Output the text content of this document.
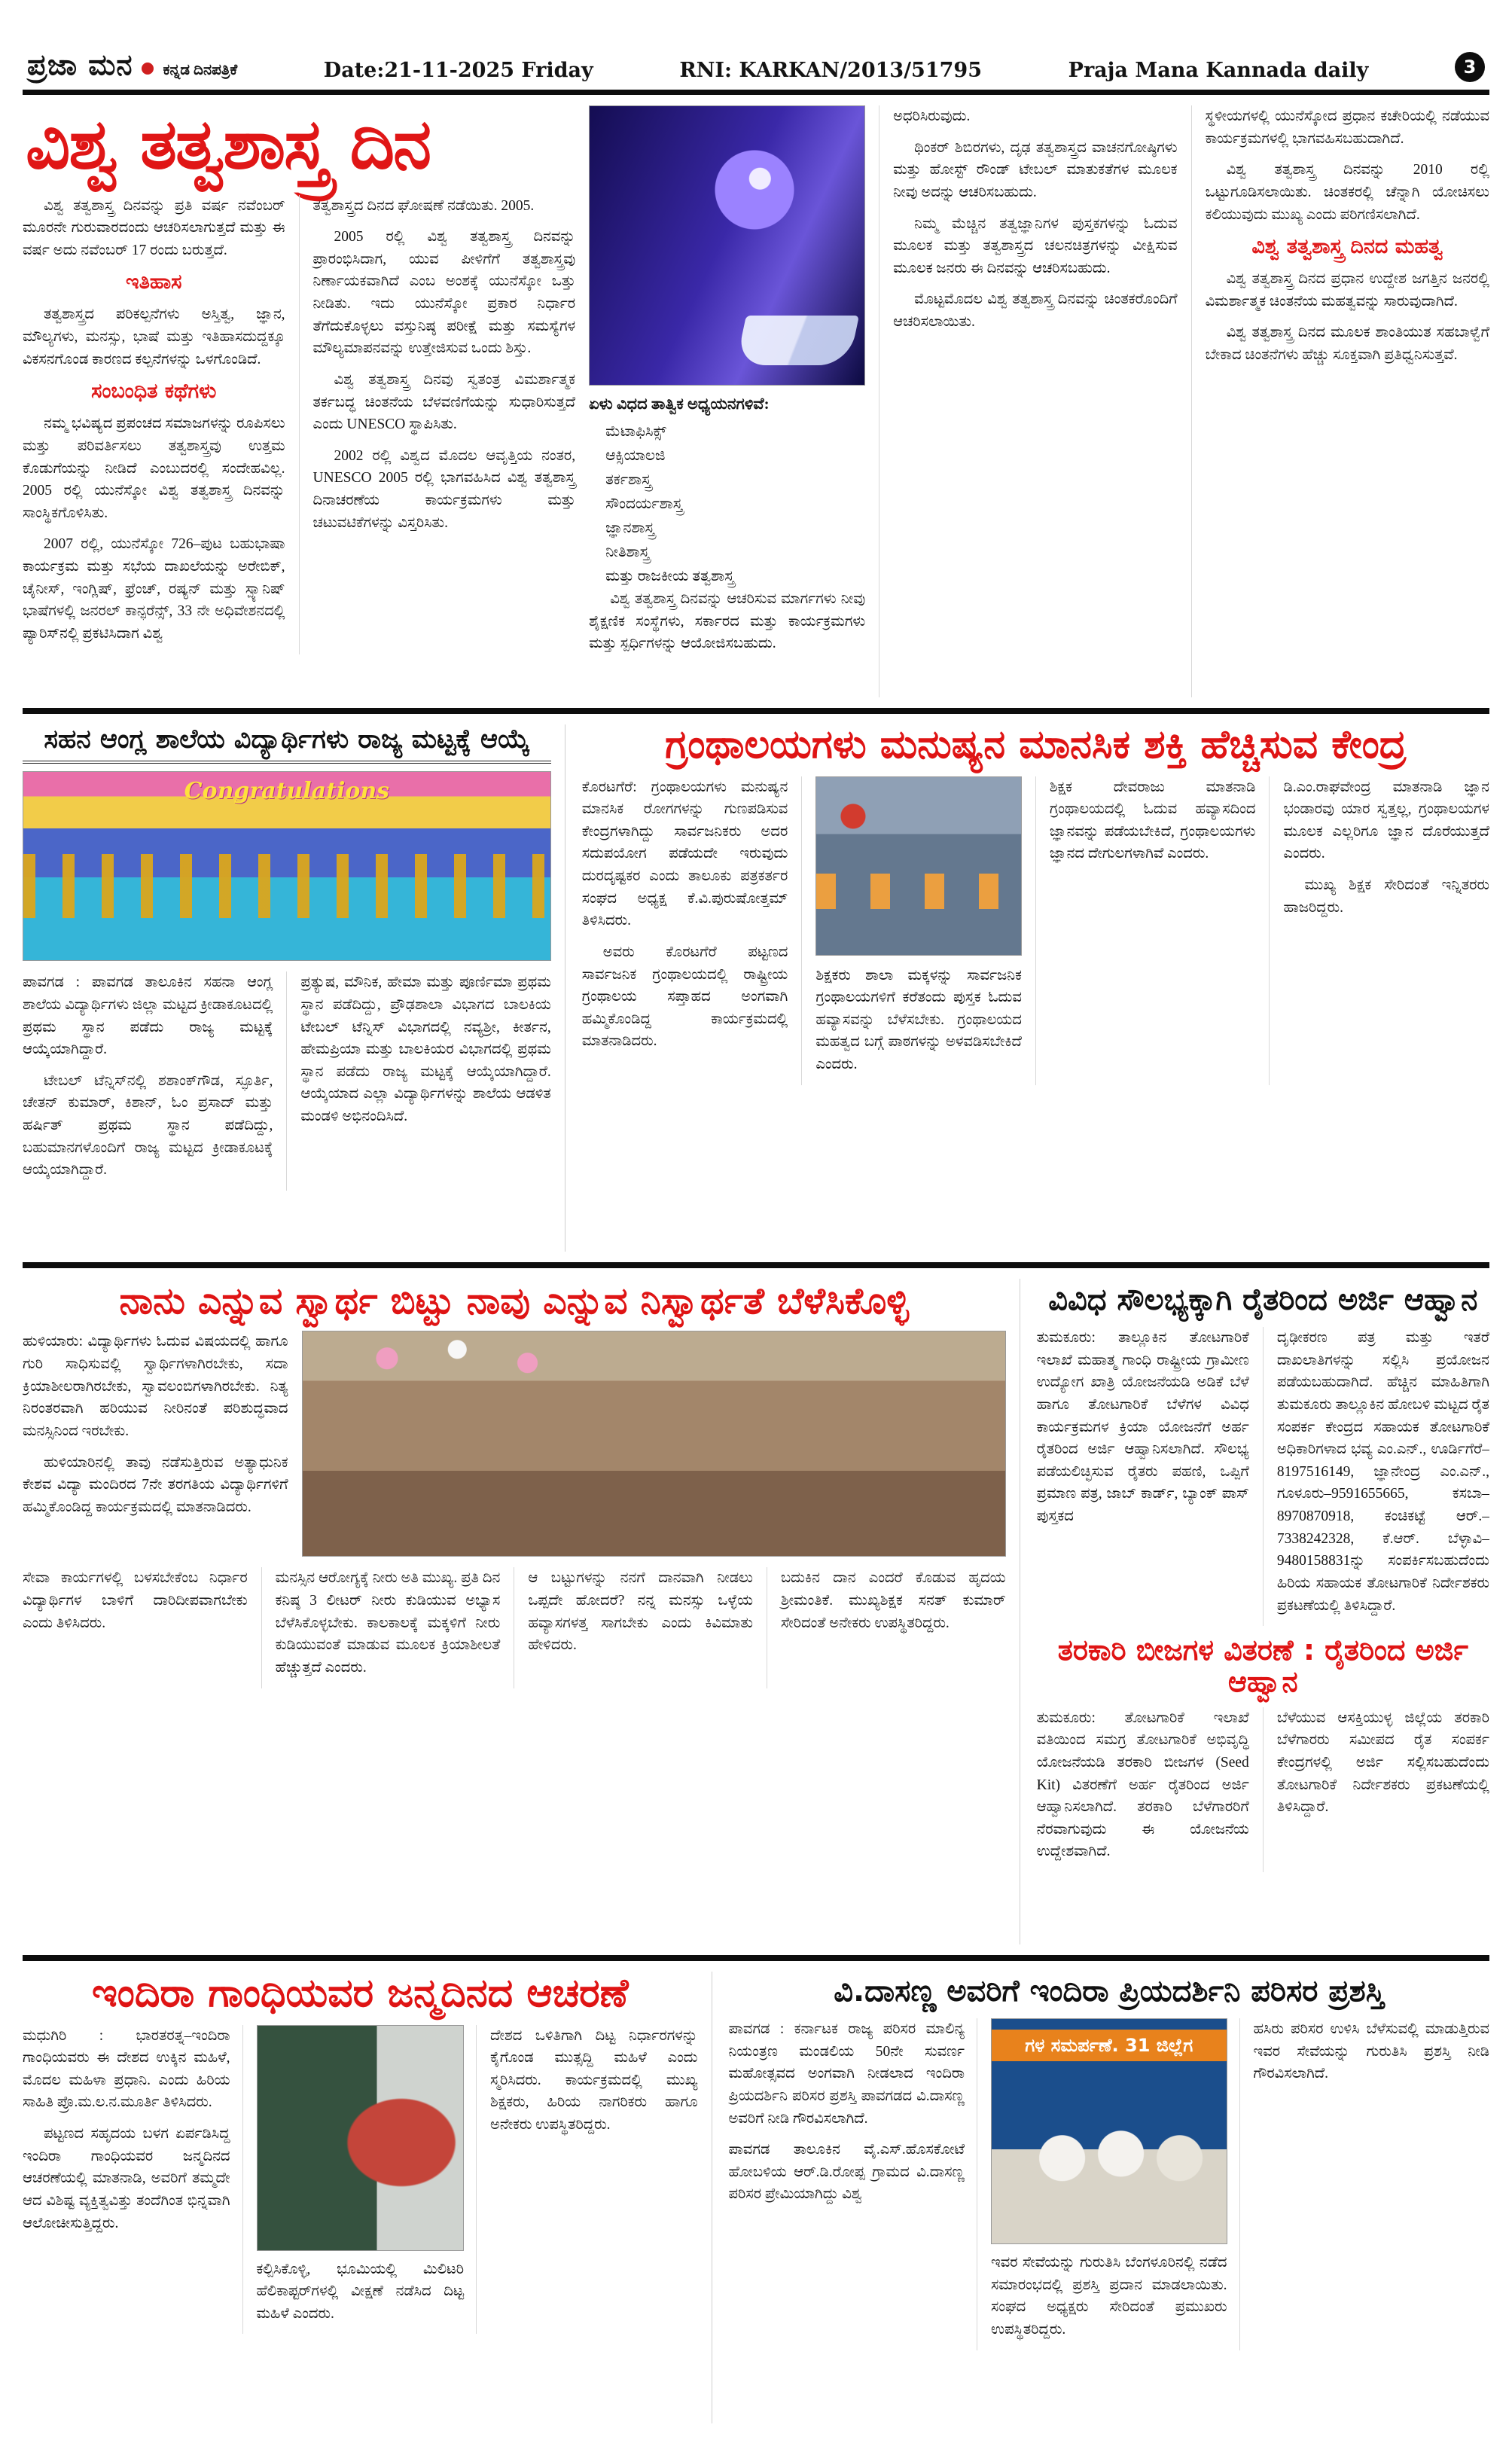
ಪ್ರಜಾ ಮನ ಕನ್ನಡ ದಿನಪತ್ರಿಕೆ	Date:21-11-2025 Friday	RNI: KARKAN/2013/51795	Praja Mana Kannada daily	3
ವಿಶ್ವ ತತ್ವಶಾಸ್ತ್ರ ದಿನ

ವಿಶ್ವ ತತ್ವಶಾಸ್ತ್ರ ದಿನವನ್ನು ಪ್ರತಿ ವರ್ಷ ನವೆಂಬರ್ ಮೂರನೇ ಗುರುವಾರದಂದು ಆಚರಿಸಲಾಗುತ್ತದೆ ಮತ್ತು ಈ ವರ್ಷ ಅದು ನವೆಂಬರ್ 17 ರಂದು ಬರುತ್ತದೆ.

ಇತಿಹಾಸ

ತತ್ವಶಾಸ್ತ್ರದ ಪರಿಕಲ್ಪನೆಗಳು ಅಸ್ತಿತ್ವ, ಜ್ಞಾನ, ಮೌಲ್ಯಗಳು, ಮನಸ್ಸು, ಭಾಷೆ ಮತ್ತು ಇತಿಹಾಸದುದ್ದಕ್ಕೂ ವಿಕಸನಗೊಂಡ ಕಾರಣದ ಕಲ್ಪನೆಗಳನ್ನು ಒಳಗೊಂಡಿದೆ.

ಸಂಬಂಧಿತ ಕಥೆಗಳು

ನಮ್ಮ ಭವಿಷ್ಯದ ಪ್ರಪಂಚದ ಸಮಾಜಗಳನ್ನು ರೂಪಿಸಲು ಮತ್ತು ಪರಿವರ್ತಿಸಲು ತತ್ವಶಾಸ್ತ್ರವು ಉತ್ತಮ ಕೊಡುಗೆಯನ್ನು ನೀಡಿದೆ ಎಂಬುದರಲ್ಲಿ ಸಂದೇಹವಿಲ್ಲ. 2005 ರಲ್ಲಿ ಯುನೆಸ್ಕೋ ವಿಶ್ವ ತತ್ವಶಾಸ್ತ್ರ ದಿನವನ್ನು ಸಾಂಸ್ಥಿಕಗೊಳಿಸಿತು.

2007 ರಲ್ಲಿ, ಯುನೆಸ್ಕೋ 726–ಪುಟ ಬಹುಭಾಷಾ ಕಾರ್ಯಕ್ರಮ ಮತ್ತು ಸಭೆಯ ದಾಖಲೆಯನ್ನು ಅರೇಬಿಕ್, ಚೈನೀಸ್, ಇಂಗ್ಲಿಷ್, ಫ್ರೆಂಚ್, ರಷ್ಯನ್ ಮತ್ತು ಸ್ಪ್ಯಾನಿಷ್ ಭಾಷೆಗಳಲ್ಲಿ ಜನರಲ್ ಕಾನ್ಫರೆನ್ಸ್, 33 ನೇ ಅಧಿವೇಶನದಲ್ಲಿ ಪ್ಯಾರಿಸ್‌ನಲ್ಲಿ ಪ್ರಕಟಿಸಿದಾಗ ವಿಶ್ವ

ತತ್ವಶಾಸ್ತ್ರದ ದಿನದ ಘೋಷಣೆ ನಡೆಯಿತು. 2005.

2005 ರಲ್ಲಿ ವಿಶ್ವ ತತ್ವಶಾಸ್ತ್ರ ದಿನವನ್ನು ಪ್ರಾರಂಭಿಸಿದಾಗ, ಯುವ ಪೀಳಿಗೆಗೆ ತತ್ವಶಾಸ್ತ್ರವು ನಿರ್ಣಾಯಕವಾಗಿದೆ ಎಂಬ ಅಂಶಕ್ಕೆ ಯುನೆಸ್ಕೋ ಒತ್ತು ನೀಡಿತು. ಇದು ಯುನೆಸ್ಕೋ ಪ್ರಕಾರ ನಿರ್ಧಾರ ತೆಗೆದುಕೊಳ್ಳಲು ವಸ್ತುನಿಷ್ಠ ಪರೀಕ್ಷೆ ಮತ್ತು ಸಮಸ್ಯೆಗಳ ಮೌಲ್ಯಮಾಪನವನ್ನು ಉತ್ತೇಜಿಸುವ ಒಂದು ಶಿಸ್ತು.

ವಿಶ್ವ ತತ್ವಶಾಸ್ತ್ರ ದಿನವು ಸ್ವತಂತ್ರ ವಿಮರ್ಶಾತ್ಮಕ ತರ್ಕಬದ್ಧ ಚಿಂತನೆಯ ಬೆಳವಣಿಗೆಯನ್ನು ಸುಧಾರಿಸುತ್ತದೆ ಎಂದು UNESCO ಸ್ಥಾಪಿಸಿತು.

2002 ರಲ್ಲಿ ವಿಶ್ವದ ಮೊದಲ ಆವೃತ್ತಿಯ ನಂತರ, UNESCO 2005 ರಲ್ಲಿ ಭಾಗವಹಿಸಿದ ವಿಶ್ವ ತತ್ವಶಾಸ್ತ್ರ ದಿನಾಚರಣೆಯ ಕಾರ್ಯಕ್ರಮಗಳು ಮತ್ತು ಚಟುವಟಿಕೆಗಳನ್ನು ವಿಸ್ತರಿಸಿತು.

ಏಳು ವಿಧದ ತಾತ್ವಿಕ ಅಧ್ಯಯನಗಳಿವೆ:
ಮೆಟಾಫಿಸಿಕ್ಸ್
ಆಕ್ಸಿಯಾಲಜಿ
ತರ್ಕಶಾಸ್ತ್ರ
ಸೌಂದರ್ಯಶಾಸ್ತ್ರ
ಜ್ಞಾನಶಾಸ್ತ್ರ
ನೀತಿಶಾಸ್ತ್ರ
ಮತ್ತು ರಾಜಕೀಯ ತತ್ವಶಾಸ್ತ್ರ

ವಿಶ್ವ ತತ್ವಶಾಸ್ತ್ರ ದಿನವನ್ನು ಆಚರಿಸುವ ಮಾರ್ಗಗಳು ನೀವು ಶೈಕ್ಷಣಿಕ ಸಂಸ್ಥೆಗಳು, ಸರ್ಕಾರದ ಮತ್ತು ಕಾರ್ಯಕ್ರಮಗಳು ಮತ್ತು ಸ್ಪರ್ಧಿಗಳನ್ನು ಆಯೋಜಿಸಬಹುದು.

ಅಧರಿಸಿರುವುದು.

ಥಿಂಕರ್ ಶಿಬಿರಗಳು, ದೃಢ ತತ್ವಶಾಸ್ತ್ರದ ವಾಚನಗೋಷ್ಠಿಗಳು ಮತ್ತು ಹೋಸ್ಟ್ ರೌಂಡ್ ಟೇಬಲ್ ಮಾತುಕತೆಗಳ ಮೂಲಕ ನೀವು ಅದನ್ನು ಆಚರಿಸಬಹುದು.

ನಿಮ್ಮ ಮೆಚ್ಚಿನ ತತ್ವಜ್ಞಾನಿಗಳ ಪುಸ್ತಕಗಳನ್ನು ಓದುವ ಮೂಲಕ ಮತ್ತು ತತ್ವಶಾಸ್ತ್ರದ ಚಲನಚಿತ್ರಗಳನ್ನು ವೀಕ್ಷಿಸುವ ಮೂಲಕ ಜನರು ಈ ದಿನವನ್ನು ಆಚರಿಸಬಹುದು.

ಮೊಟ್ಟಮೊದಲ ವಿಶ್ವ ತತ್ವಶಾಸ್ತ್ರ ದಿನವನ್ನು ಚಿಂತಕರೊಂದಿಗೆ ಆಚರಿಸಲಾಯಿತು.

ಸ್ಥಳೀಯಗಳಲ್ಲಿ ಯುನೆಸ್ಕೋದ ಪ್ರಧಾನ ಕಚೇರಿಯಲ್ಲಿ ನಡೆಯುವ ಕಾರ್ಯಕ್ರಮಗಳಲ್ಲಿ ಭಾಗವಹಿಸಬಹುದಾಗಿದೆ.

ವಿಶ್ವ ತತ್ವಶಾಸ್ತ್ರ ದಿನವನ್ನು 2010 ರಲ್ಲಿ ಒಟ್ಟುಗೂಡಿಸಲಾಯಿತು. ಚಿಂತಕರಲ್ಲಿ ಚೆನ್ನಾಗಿ ಯೋಚಿಸಲು ಕಲಿಯುವುದು ಮುಖ್ಯ ಎಂದು ಪರಿಗಣಿಸಲಾಗಿದೆ.

ವಿಶ್ವ ತತ್ವಶಾಸ್ತ್ರ ದಿನದ ಮಹತ್ವ

ವಿಶ್ವ ತತ್ವಶಾಸ್ತ್ರ ದಿನದ ಪ್ರಧಾನ ಉದ್ದೇಶ ಜಗತ್ತಿನ ಜನರಲ್ಲಿ ವಿಮರ್ಶಾತ್ಮಕ ಚಿಂತನೆಯ ಮಹತ್ವವನ್ನು ಸಾರುವುದಾಗಿದೆ.

ವಿಶ್ವ ತತ್ವಶಾಸ್ತ್ರ ದಿನದ ಮೂಲಕ ಶಾಂತಿಯುತ ಸಹಬಾಳ್ವೆಗೆ ಬೇಕಾದ ಚಿಂತನೆಗಳು ಹೆಚ್ಚು ಸೂಕ್ತವಾಗಿ ಪ್ರತಿಧ್ವನಿಸುತ್ತವೆ.

ಸಹನ ಆಂಗ್ಲ ಶಾಲೆಯ ವಿದ್ಯಾರ್ಥಿಗಳು ರಾಜ್ಯ ಮಟ್ಟಕ್ಕೆ ಆಯ್ಕೆ
Congratulations

ಪಾವಗಡ : ಪಾವಗಡ ತಾಲೂಕಿನ ಸಹನಾ ಆಂಗ್ಲ ಶಾಲೆಯ ವಿದ್ಯಾರ್ಥಿಗಳು ಜಿಲ್ಲಾ ಮಟ್ಟದ ಕ್ರೀಡಾಕೂಟದಲ್ಲಿ ಪ್ರಥಮ ಸ್ಥಾನ ಪಡೆದು ರಾಜ್ಯ ಮಟ್ಟಕ್ಕೆ ಆಯ್ಕೆಯಾಗಿದ್ದಾರೆ.

ಟೇಬಲ್ ಟೆನ್ನಿಸ್‌ನಲ್ಲಿ ಶಶಾಂಕ್‌ಗೌಡ, ಸ್ಫೂರ್ತಿ, ಚೇತನ್ ಕುಮಾರ್, ಕಿಶಾನ್, ಓಂ ಪ್ರಸಾದ್ ಮತ್ತು ಹರ್ಷಿತ್ ಪ್ರಥಮ ಸ್ಥಾನ ಪಡೆದಿದ್ದು, ಬಹುಮಾನಗಳೊಂದಿಗೆ ರಾಜ್ಯ ಮಟ್ಟದ ಕ್ರೀಡಾಕೂಟಕ್ಕೆ ಆಯ್ಕೆಯಾಗಿದ್ದಾರೆ.

ಪ್ರತ್ಯುಷ, ಮೌನಿಕ, ಹೇಮಾ ಮತ್ತು ಪೂರ್ಣಿಮಾ ಪ್ರಥಮ ಸ್ಥಾನ ಪಡೆದಿದ್ದು, ಪ್ರೌಢಶಾಲಾ ವಿಭಾಗದ ಬಾಲಕಿಯ ಟೇಬಲ್ ಟೆನ್ನಿಸ್ ವಿಭಾಗದಲ್ಲಿ ನವ್ಯಶ್ರೀ, ಕೀರ್ತನ, ಹೇಮಪ್ರಿಯಾ ಮತ್ತು ಬಾಲಕಿಯರ ವಿಭಾಗದಲ್ಲಿ ಪ್ರಥಮ ಸ್ಥಾನ ಪಡೆದು ರಾಜ್ಯ ಮಟ್ಟಕ್ಕೆ ಆಯ್ಕೆಯಾಗಿದ್ದಾರೆ. ಆಯ್ಕೆಯಾದ ಎಲ್ಲಾ ವಿದ್ಯಾರ್ಥಿಗಳನ್ನು ಶಾಲೆಯ ಆಡಳಿತ ಮಂಡಳಿ ಅಭಿನಂದಿಸಿದೆ.

ಗ್ರಂಥಾಲಯಗಳು ಮನುಷ್ಯನ ಮಾನಸಿಕ ಶಕ್ತಿ ಹೆಚ್ಚಿಸುವ ಕೇಂದ್ರ

ಕೊರಟಗೆರೆ: ಗ್ರಂಥಾಲಯಗಳು ಮನುಷ್ಯನ ಮಾನಸಿಕ ರೋಗಗಳನ್ನು ಗುಣಪಡಿಸುವ ಕೇಂದ್ರಗಳಾಗಿದ್ದು ಸಾರ್ವಜನಿಕರು ಅದರ ಸದುಪಯೋಗ ಪಡೆಯದೇ ಇರುವುದು ದುರದೃಷ್ಟಕರ ಎಂದು ತಾಲೂಕು ಪತ್ರಕರ್ತರ ಸಂಘದ ಅಧ್ಯಕ್ಷ ಕೆ.ವಿ.ಪುರುಷೋತ್ತಮ್ ತಿಳಿಸಿದರು.

ಅವರು ಕೊರಟಗೆರೆ ಪಟ್ಟಣದ ಸಾರ್ವಜನಿಕ ಗ್ರಂಥಾಲಯದಲ್ಲಿ ರಾಷ್ಟ್ರೀಯ ಗ್ರಂಥಾಲಯ ಸಪ್ತಾಹದ ಅಂಗವಾಗಿ ಹಮ್ಮಿಕೊಂಡಿದ್ದ ಕಾರ್ಯಕ್ರಮದಲ್ಲಿ ಮಾತನಾಡಿದರು.

ಶಿಕ್ಷಕರು ಶಾಲಾ ಮಕ್ಕಳನ್ನು ಸಾರ್ವಜನಿಕ ಗ್ರಂಥಾಲಯಗಳಿಗೆ ಕರೆತಂದು ಪುಸ್ತಕ ಓದುವ ಹವ್ಯಾಸವನ್ನು ಬೆಳೆಸಬೇಕು. ಗ್ರಂಥಾಲಯದ ಮಹತ್ವದ ಬಗ್ಗೆ ಪಾಠಗಳನ್ನು ಅಳವಡಿಸಬೇಕಿದೆ ಎಂದರು.

ಶಿಕ್ಷಕ ದೇವರಾಜು ಮಾತನಾಡಿ ಗ್ರಂಥಾಲಯದಲ್ಲಿ ಓದುವ ಹವ್ಯಾಸದಿಂದ ಜ್ಞಾನವನ್ನು ಪಡೆಯಬೇಕಿದೆ, ಗ್ರಂಥಾಲಯಗಳು ಜ್ಞಾನದ ದೇಗುಲಗಳಾಗಿವೆ ಎಂದರು.

ಡಿ.ಎಂ.ರಾಘವೇಂದ್ರ ಮಾತನಾಡಿ ಜ್ಞಾನ ಭಂಡಾರವು ಯಾರ ಸ್ವತ್ತಲ್ಲ, ಗ್ರಂಥಾಲಯಗಳ ಮೂಲಕ ಎಲ್ಲರಿಗೂ ಜ್ಞಾನ ದೊರೆಯುತ್ತದೆ ಎಂದರು.

ಮುಖ್ಯ ಶಿಕ್ಷಕ ಸೇರಿದಂತೆ ಇನ್ನಿತರರು ಹಾಜರಿದ್ದರು.

ನಾನು ಎನ್ನುವ ಸ್ವಾರ್ಥ ಬಿಟ್ಟು ನಾವು ಎನ್ನುವ ನಿಸ್ವಾರ್ಥತೆ ಬೆಳೆಸಿಕೊಳ್ಳಿ

ಹುಳಿಯಾರು: ವಿದ್ಯಾರ್ಥಿಗಳು ಓದುವ ವಿಷಯದಲ್ಲಿ ಹಾಗೂ ಗುರಿ ಸಾಧಿಸುವಲ್ಲಿ ಸ್ವಾರ್ಥಿಗಳಾಗಿರಬೇಕು, ಸದಾ ಕ್ರಿಯಾಶೀಲರಾಗಿರಬೇಕು, ಸ್ವಾವಲಂಬಿಗಳಾಗಿರಬೇಕು. ನಿತ್ಯ ನಿರಂತರವಾಗಿ ಹರಿಯುವ ನೀರಿನಂತೆ ಪರಿಶುದ್ಧವಾದ ಮನಸ್ಸಿನಿಂದ ಇರಬೇಕು.

ಹುಳಿಯಾರಿನಲ್ಲಿ ತಾವು ನಡೆಸುತ್ತಿರುವ ಅತ್ಯಾಧುನಿಕ ಕೇಶವ ವಿದ್ಯಾ ಮಂದಿರದ 7ನೇ ತರಗತಿಯ ವಿದ್ಯಾರ್ಥಿಗಳಿಗೆ ಹಮ್ಮಿಕೊಂಡಿದ್ದ ಕಾರ್ಯಕ್ರಮದಲ್ಲಿ ಮಾತನಾಡಿದರು.

ಸೇವಾ ಕಾರ್ಯಗಳಲ್ಲಿ ಬಳಸಬೇಕೆಂಬ ನಿರ್ಧಾರ ವಿದ್ಯಾರ್ಥಿಗಳ ಬಾಳಿಗೆ ದಾರಿದೀಪವಾಗಬೇಕು ಎಂದು ತಿಳಿಸಿದರು.

ಮನಸ್ಸಿನ ಆರೋಗ್ಯಕ್ಕೆ ನೀರು ಅತಿ ಮುಖ್ಯ. ಪ್ರತಿ ದಿನ ಕನಿಷ್ಠ 3 ಲೀಟರ್ ನೀರು ಕುಡಿಯುವ ಅಭ್ಯಾಸ ಬೆಳೆಸಿಕೊಳ್ಳಬೇಕು. ಕಾಲಕಾಲಕ್ಕೆ ಮಕ್ಕಳಿಗೆ ನೀರು ಕುಡಿಯುವಂತೆ ಮಾಡುವ ಮೂಲಕ ಕ್ರಿಯಾಶೀಲತೆ ಹೆಚ್ಚುತ್ತದೆ ಎಂದರು.

ಆ ಬಟ್ಟುಗಳನ್ನು ನನಗೆ ದಾನವಾಗಿ ನೀಡಲು ಒಪ್ಪದೇ ಹೋದರೆ? ನನ್ನ ಮನಸ್ಸು ಒಳ್ಳೆಯ ಹವ್ಯಾಸಗಳತ್ತ ಸಾಗಬೇಕು ಎಂದು ಕಿವಿಮಾತು ಹೇಳಿದರು.

ಬದುಕಿನ ದಾನ ಎಂದರೆ ಕೊಡುವ ಹೃದಯ ಶ್ರೀಮಂತಿಕೆ. ಮುಖ್ಯಶಿಕ್ಷಕ ಸನತ್ ಕುಮಾರ್ ಸೇರಿದಂತೆ ಅನೇಕರು ಉಪಸ್ಥಿತರಿದ್ದರು.

ವಿವಿಧ ಸೌಲಭ್ಯಕ್ಕಾಗಿ ರೈತರಿಂದ ಅರ್ಜಿ ಆಹ್ವಾನ

ತುಮಕೂರು: ತಾಲ್ಲೂಕಿನ ತೋಟಗಾರಿಕೆ ಇಲಾಖೆ ಮಹಾತ್ಮ ಗಾಂಧಿ ರಾಷ್ಟ್ರೀಯ ಗ್ರಾಮೀಣ ಉದ್ಯೋಗ ಖಾತ್ರಿ ಯೋಜನೆಯಡಿ ಅಡಿಕೆ ಬೆಳೆ ಹಾಗೂ ತೋಟಗಾರಿಕೆ ಬೆಳೆಗಳ ವಿವಿಧ ಕಾರ್ಯಕ್ರಮಗಳ ಕ್ರಿಯಾ ಯೋಜನೆಗೆ ಅರ್ಹ ರೈತರಿಂದ ಅರ್ಜಿ ಆಹ್ವಾನಿಸಲಾಗಿದೆ. ಸೌಲಭ್ಯ ಪಡೆಯಲಿಚ್ಛಿಸುವ ರೈತರು ಪಹಣಿ, ಒಪ್ಪಿಗೆ ಪ್ರಮಾಣ ಪತ್ರ, ಜಾಬ್ ಕಾರ್ಡ್, ಬ್ಯಾಂಕ್ ಪಾಸ್ ಪುಸ್ತಕದ

ದೃಢೀಕರಣ ಪತ್ರ ಮತ್ತು ಇತರೆ ದಾಖಲಾತಿಗಳನ್ನು ಸಲ್ಲಿಸಿ ಪ್ರಯೋಜನ ಪಡೆಯಬಹುದಾಗಿದೆ. ಹೆಚ್ಚಿನ ಮಾಹಿತಿಗಾಗಿ ತುಮಕೂರು ತಾಲ್ಲೂಕಿನ ಹೋಬಳಿ ಮಟ್ಟದ ರೈತ ಸಂಪರ್ಕ ಕೇಂದ್ರದ ಸಹಾಯಕ ತೋಟಗಾರಿಕೆ ಅಧಿಕಾರಿಗಳಾದ ಭವ್ಯ ಎಂ.ಎನ್., ಊರ್ಡಿಗೆರೆ–8197516149, ಜ್ಞಾನೇಂದ್ರ ಎಂ.ಎನ್., ಗೂಳೂರು–9591655665, ಕಸಬಾ–8970870918, ಕಂಚಿಕಟ್ಟೆ ಆರ್.–7338242328, ಕೆ.ಆರ್. ಬೆಳ್ಳಾವಿ–9480158831ನ್ನು ಸಂಪರ್ಕಿಸಬಹುದೆಂದು ಹಿರಿಯ ಸಹಾಯಕ ತೋಟಗಾರಿಕೆ ನಿರ್ದೇಶಕರು ಪ್ರಕಟಣೆಯಲ್ಲಿ ತಿಳಿಸಿದ್ದಾರೆ.

ತರಕಾರಿ ಬೀಜಗಳ ವಿತರಣೆ : ರೈತರಿಂದ ಅರ್ಜಿ ಆಹ್ವಾನ

ತುಮಕೂರು: ತೋಟಗಾರಿಕೆ ಇಲಾಖೆ ವತಿಯಿಂದ ಸಮಗ್ರ ತೋಟಗಾರಿಕೆ ಅಭಿವೃದ್ಧಿ ಯೋಜನೆಯಡಿ ತರಕಾರಿ ಬೀಜಗಳ (Seed Kit) ವಿತರಣೆಗೆ ಅರ್ಹ ರೈತರಿಂದ ಅರ್ಜಿ ಆಹ್ವಾನಿಸಲಾಗಿದೆ. ತರಕಾರಿ ಬೆಳೆಗಾರರಿಗೆ ನೆರವಾಗುವುದು ಈ ಯೋಜನೆಯ ಉದ್ದೇಶವಾಗಿದೆ.

ಬೆಳೆಯುವ ಆಸಕ್ತಿಯುಳ್ಳ ಜಿಲ್ಲೆಯ ತರಕಾರಿ ಬೆಳೆಗಾರರು ಸಮೀಪದ ರೈತ ಸಂಪರ್ಕ ಕೇಂದ್ರಗಳಲ್ಲಿ ಅರ್ಜಿ ಸಲ್ಲಿಸಬಹುದೆಂದು ತೋಟಗಾರಿಕೆ ನಿರ್ದೇಶಕರು ಪ್ರಕಟಣೆಯಲ್ಲಿ ತಿಳಿಸಿದ್ದಾರೆ.

ಇಂದಿರಾ ಗಾಂಧಿಯವರ ಜನ್ಮದಿನದ ಆಚರಣೆ

ಮಧುಗಿರಿ : ಭಾರತರತ್ನ–ಇಂದಿರಾ ಗಾಂಧಿಯವರು ಈ ದೇಶದ ಉಕ್ಕಿನ ಮಹಿಳೆ, ಮೊದಲ ಮಹಿಳಾ ಪ್ರಧಾನಿ. ಎಂದು ಹಿರಿಯ ಸಾಹಿತಿ ಪ್ರೊ.ಮ.ಲ.ನ.ಮೂರ್ತಿ ತಿಳಿಸಿದರು.

ಪಟ್ಟಣದ ಸಹೃದಯ ಬಳಗ ಏರ್ಪಡಿಸಿದ್ದ ಇಂದಿರಾ ಗಾಂಧಿಯವರ ಜನ್ಮದಿನದ ಆಚರಣೆಯಲ್ಲಿ ಮಾತನಾಡಿ, ಅವರಿಗೆ ತಮ್ಮದೇ ಆದ ವಿಶಿಷ್ಟ ವ್ಯಕ್ತಿತ್ವವಿತ್ತು ತಂದೆಗಿಂತ ಭಿನ್ನವಾಗಿ ಆಲೋಚೀಸುತ್ತಿದ್ದರು.

ಕಲ್ಪಿಸಿಕೊಳ್ಳಿ, ಭೂಮಿಯಲ್ಲಿ ಮಿಲಿಟರಿ ಹೆಲಿಕಾಪ್ಟರ್‌ಗಳಲ್ಲಿ ವೀಕ್ಷಣೆ ನಡೆಸಿದ ದಿಟ್ಟ ಮಹಿಳೆ ಎಂದರು.

ದೇಶದ ಒಳಿತಿಗಾಗಿ ದಿಟ್ಟ ನಿರ್ಧಾರಗಳನ್ನು ಕೈಗೊಂಡ ಮುತ್ಸದ್ದಿ ಮಹಿಳೆ ಎಂದು ಸ್ಮರಿಸಿದರು. ಕಾರ್ಯಕ್ರಮದಲ್ಲಿ ಮುಖ್ಯ ಶಿಕ್ಷಕರು, ಹಿರಿಯ ನಾಗರಿಕರು ಹಾಗೂ ಅನೇಕರು ಉಪಸ್ಥಿತರಿದ್ದರು.

ವಿ.ದಾಸಣ್ಣ ಅವರಿಗೆ ಇಂದಿರಾ ಪ್ರಿಯದರ್ಶಿನಿ ಪರಿಸರ ಪ್ರಶಸ್ತಿ

ಪಾವಗಡ : ಕರ್ನಾಟಕ ರಾಜ್ಯ ಪರಿಸರ ಮಾಲಿನ್ಯ ನಿಯಂತ್ರಣ ಮಂಡಲಿಯ 50ನೇ ಸುವರ್ಣ ಮಹೋತ್ಸವದ ಅಂಗವಾಗಿ ನೀಡಲಾದ ಇಂದಿರಾ ಪ್ರಿಯದರ್ಶಿನಿ ಪರಿಸರ ಪ್ರಶಸ್ತಿ ಪಾವಗಡದ ವಿ.ದಾಸಣ್ಣ ಅವರಿಗೆ ನೀಡಿ ಗೌರವಿಸಲಾಗಿದೆ.

ಪಾವಗಡ ತಾಲೂಕಿನ ವೈ.ಎಸ್.ಹೊಸಕೋಟೆ ಹೋಬಳಿಯ ಆರ್.ಡಿ.ರೋಪ್ಪ ಗ್ರಾಮದ ವಿ.ದಾಸಣ್ಣ ಪರಿಸರ ಪ್ರೇಮಿಯಾಗಿದ್ದು ವಿಶ್ವ

ಗಳ ಸಮರ್ಪಣೆ. 31 ಜಿಲ್ಲೆಗ

ಇವರ ಸೇವೆಯನ್ನು ಗುರುತಿಸಿ ಬೆಂಗಳೂರಿನಲ್ಲಿ ನಡೆದ ಸಮಾರಂಭದಲ್ಲಿ ಪ್ರಶಸ್ತಿ ಪ್ರದಾನ ಮಾಡಲಾಯಿತು. ಸಂಘದ ಅಧ್ಯಕ್ಷರು ಸೇರಿದಂತೆ ಪ್ರಮುಖರು ಉಪಸ್ಥಿತರಿದ್ದರು.

ಹಸಿರು ಪರಿಸರ ಉಳಿಸಿ ಬೆಳೆಸುವಲ್ಲಿ ಮಾಡುತ್ತಿರುವ ಇವರ ಸೇವೆಯನ್ನು ಗುರುತಿಸಿ ಪ್ರಶಸ್ತಿ ನೀಡಿ ಗೌರವಿಸಲಾಗಿದೆ.
